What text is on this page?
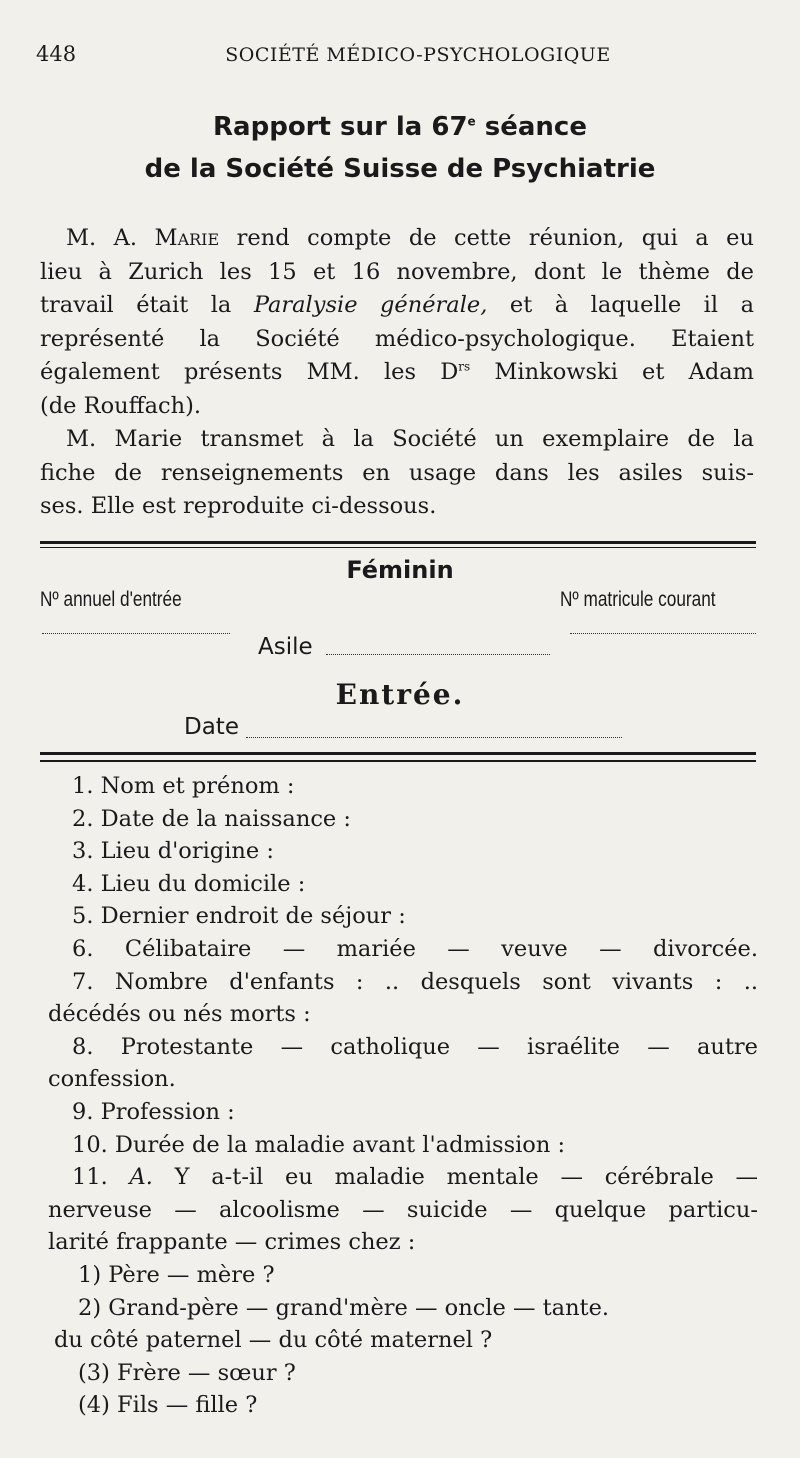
448	SOCIÉTÉ MÉDICO-PSYCHOLOGIQUE
Rapport sur la 67e séance
de la Société Suisse de Psychiatrie
M. A. Marie rend compte de cette réunion, qui a eu
lieu à Zurich les 15 et 16 novembre, dont le thème de
travail était la Paralysie générale, et à laquelle il a
représenté la Société médico-psychologique. Etaient
également présents MM. les $D^{rs}$ Minkowski et Adam
(de Rouffach).
M. Marie transmet à la Société un exemplaire de la
fiche de renseignements en usage dans les asiles suis-
ses. Elle est reproduite ci-dessous.
Féminin
Nº annuel d'entrée	Nº matricule courant
Asile
Entrée.
Date
1. Nom et prénom :
2. Date de la naissance :
3. Lieu d'origine :
4. Lieu du domicile :
5. Dernier endroit de séjour :
6. Célibataire — mariée — veuve — divorcée.
7. Nombre d'enfants : .. desquels sont vivants : ..
décédés ou nés morts :
8. Protestante — catholique — israélite — autre
confession.
9. Profession :
10. Durée de la maladie avant l'admission :
11. A. Y a-t-il eu maladie mentale — cérébrale —
nerveuse — alcoolisme — suicide — quelque particu-
larité frappante — crimes chez :
1) Père — mère ?
2) Grand-père — grand'mère — oncle — tante.
du côté paternel — du côté maternel ?
(3) Frère — sœur ?
(4) Fils — fille ?
